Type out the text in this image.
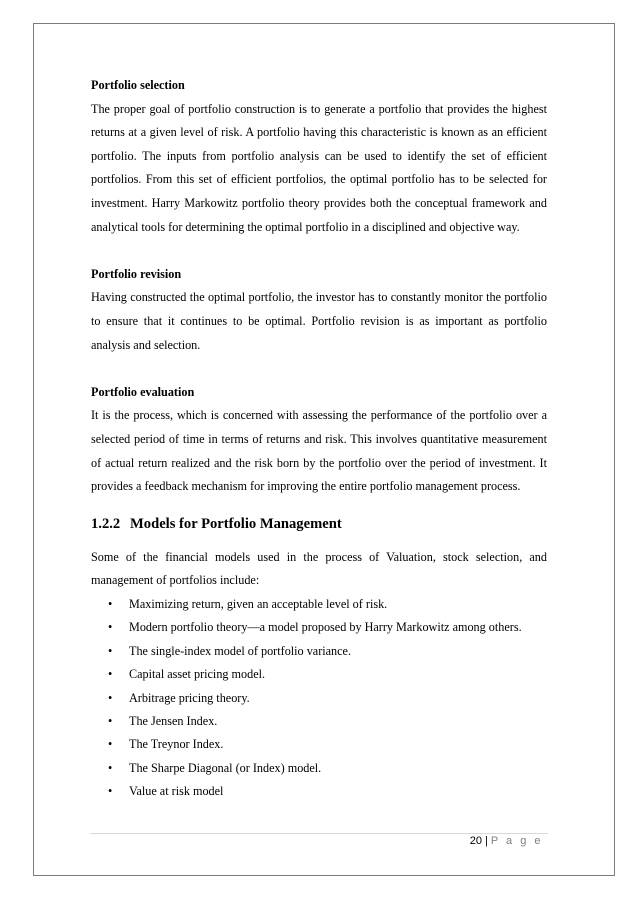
Portfolio selection

The proper goal of portfolio construction is to generate a portfolio that provides the highest returns at a given level of risk. A portfolio having this characteristic is known as an efficient portfolio. The inputs from portfolio analysis can be used to identify the set of efficient portfolios. From this set of efficient portfolios, the optimal portfolio has to be selected for investment. Harry Markowitz portfolio theory provides both the conceptual framework and analytical tools for determining the optimal portfolio in a disciplined and objective way.

Portfolio revision

Having constructed the optimal portfolio, the investor has to constantly monitor the portfolio to ensure that it continues to be optimal. Portfolio revision is as important as portfolio analysis and selection.

Portfolio evaluation

It is the process, which is concerned with assessing the performance of the portfolio over a selected period of time in terms of returns and risk. This involves quantitative measurement of actual return realized and the risk born by the portfolio over the period of investment. It provides a feedback mechanism for improving the entire portfolio management process.

1.2.2 Models for Portfolio Management

Some of the financial models used in the process of Valuation, stock selection, and management of portfolios include:

• Maximizing return, given an acceptable level of risk.
• Modern portfolio theory—a model proposed by Harry Markowitz among others.
• The single-index model of portfolio variance.
• Capital asset pricing model.
• Arbitrage pricing theory.
• The Jensen Index.
• The Treynor Index.
• The Sharpe Diagonal (or Index) model.
• Value at risk model
20 | P a g e
